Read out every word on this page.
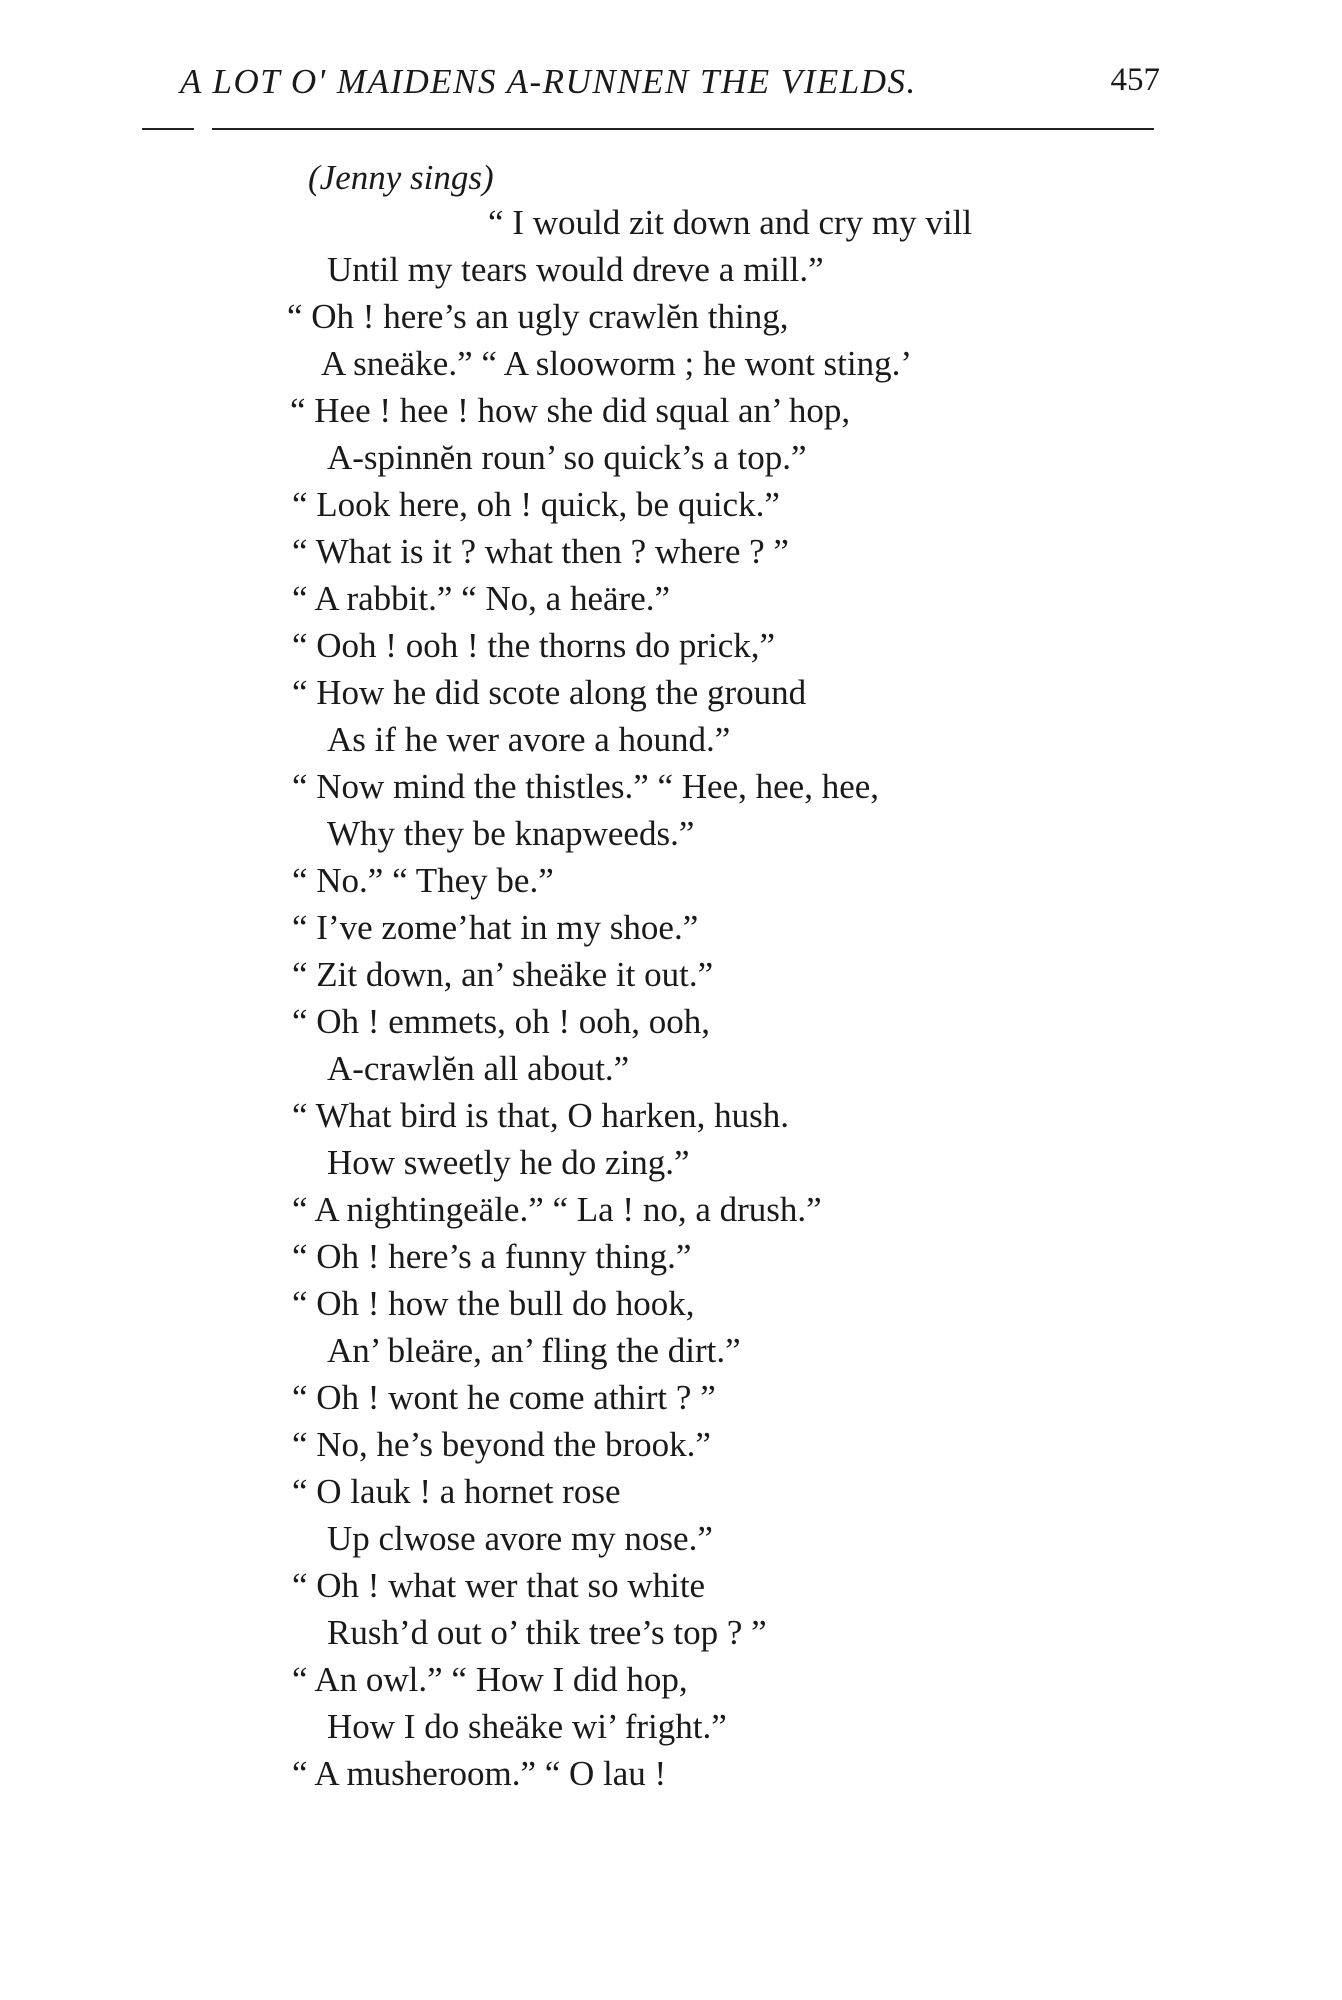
A LOT O' MAIDENS A-RUNNEN THE VIELDS.	457
(Jenny sings)
“ I would zit down and cry my vill
Until my tears would dreve a mill.”
“ Oh ! here’s an ugly crawlĕn thing,
A sneäke.” “ A slooworm ; he wont sting.’
“ Hee ! hee ! how she did squal an’ hop,
A-spinnĕn roun’ so quick’s a top.”
“ Look here, oh ! quick, be quick.”
“ What is it ? what then ? where ? ”
“ A rabbit.” “ No, a heäre.”
“ Ooh ! ooh ! the thorns do prick,”
“ How he did scote along the ground
As if he wer avore a hound.”
“ Now mind the thistles.” “ Hee, hee, hee,
Why they be knapweeds.”
“ No.” “ They be.”
“ I’ve zome’hat in my shoe.”
“ Zit down, an’ sheäke it out.”
“ Oh ! emmets, oh ! ooh, ooh,
A-crawlĕn all about.”
“ What bird is that, O harken, hush.
How sweetly he do zing.”
“ A nightingeäle.” “ La ! no, a drush.”
“ Oh ! here’s a funny thing.”
“ Oh ! how the bull do hook,
An’ bleäre, an’ fling the dirt.”
“ Oh ! wont he come athirt ? ”
“ No, he’s beyond the brook.”
“ O lauk ! a hornet rose
Up clwose avore my nose.”
“ Oh ! what wer that so white
Rush’d out o’ thik tree’s top ? ”
“ An owl.” “ How I did hop,
How I do sheäke wi’ fright.”
“ A musheroom.” “ O lau !
